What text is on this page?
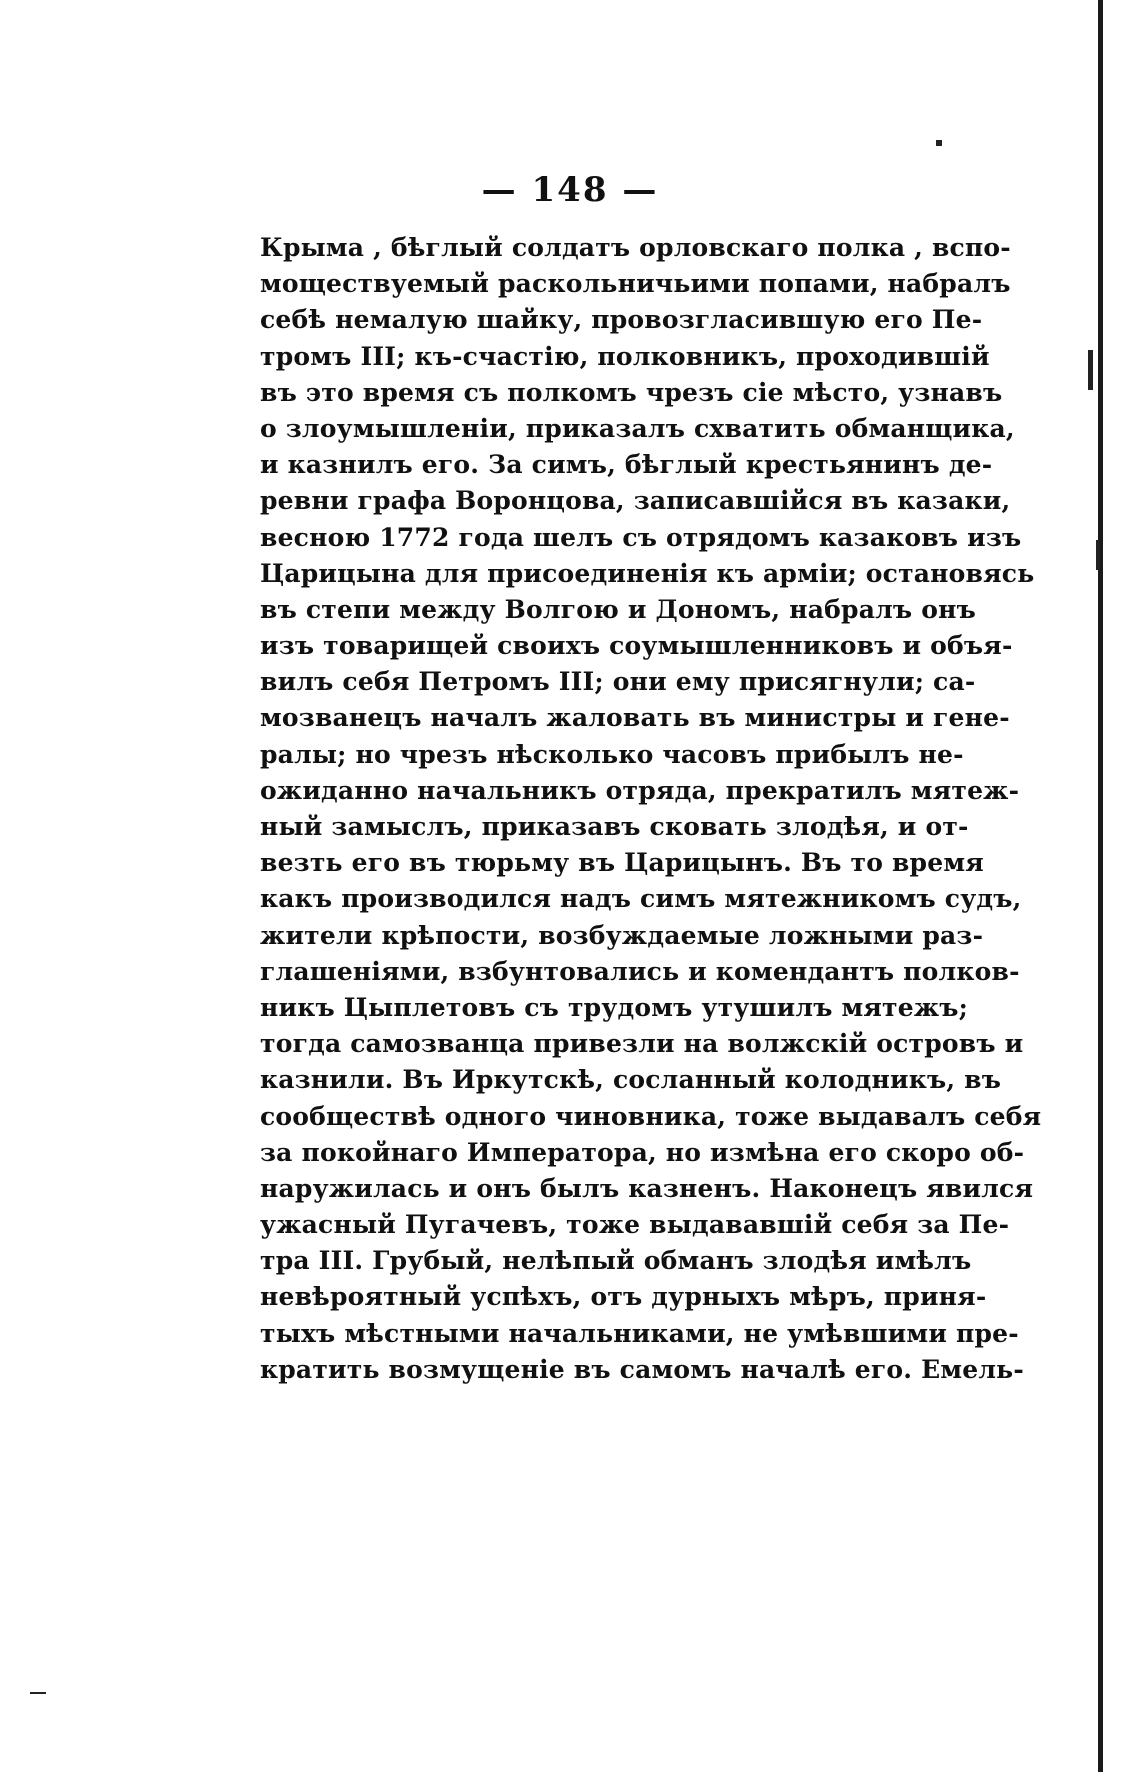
— 148 —
Крыма , бѣглый солдатъ орловскаго полка , вспо-
моществуемый раскольничьими попами, набралъ
себѣ немалую шайку, провозгласившую его Пе-
тромъ III; къ-счастію, полковникъ, проходившій
въ это время съ полкомъ чрезъ сіе мѣсто, узнавъ
о злоумышленіи, приказалъ схватить обманщика,
и казнилъ его. За симъ, бѣглый крестьянинъ де-
ревни графа Воронцова, записавшійся въ казаки,
весною 1772 года шелъ съ отрядомъ казаковъ изъ
Царицына для присоединенія къ арміи; остановясь
въ степи между Волгою и Дономъ, набралъ онъ
изъ товарищей своихъ соумышленниковъ и объя-
вилъ себя Петромъ III; они ему присягнули; са-
мозванецъ началъ жаловать въ министры и генe-
ралы; но чрезъ нѣсколько часовъ прибылъ не-
ожиданно начальникъ отряда, прекратилъ мятеж-
ный замыслъ, приказавъ сковать злодѣя, и от-
везть его въ тюрьму въ Царицынъ. Въ то время
какъ производился надъ симъ мятежникомъ судъ,
жители крѣпости, возбуждаемые ложными раз-
глашеніями, взбунтовались и комендантъ полков-
никъ Цыплетовъ съ трудомъ утушилъ мятежъ;
тогда самозванца привезли на волжскій островъ и
казнили. Въ Иркутскѣ, сосланный колодникъ, въ
сообществѣ одного чиновника, тоже выдавалъ себя
за покойнаго Императора, но измѣна его скоро об-
наружилась и онъ былъ казненъ. Наконецъ явился
ужасный Пугачевъ, тоже выдававшій себя за Пе-
тра III. Грубый, нелѣпый обманъ злодѣя имѣлъ
невѣроятный успѣхъ, отъ дурныхъ мѣръ, приня-
тыхъ мѣстными начальниками, не умѣвшими пре-
кратить возмущеніе въ самомъ началѣ его. Емель-
